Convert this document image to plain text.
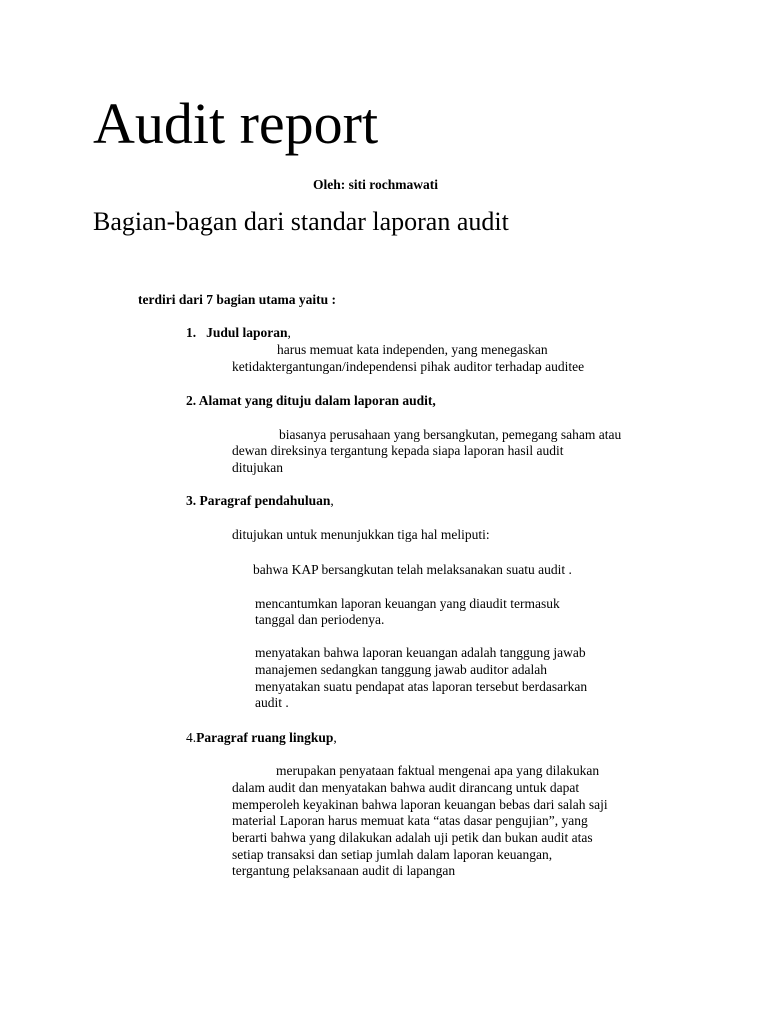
Audit report
Oleh: siti rochmawati
Bagian-bagan dari standar laporan audit
terdiri dari 7 bagian utama yaitu :
1. Judul laporan,
harus memuat kata independen, yang menegaskan
ketidaktergantungan/independensi pihak auditor terhadap auditee
2. Alamat yang dituju dalam laporan audit,
biasanya perusahaan yang bersangkutan, pemegang saham atau
dewan direksinya tergantung kepada siapa laporan hasil audit
ditujukan
3. Paragraf pendahuluan,
ditujukan untuk menunjukkan tiga hal meliputi:
bahwa KAP bersangkutan telah melaksanakan suatu audit .
mencantumkan laporan keuangan yang diaudit termasuk
tanggal dan periodenya.
menyatakan bahwa laporan keuangan adalah tanggung jawab
manajemen sedangkan tanggung jawab auditor adalah
menyatakan suatu pendapat atas laporan tersebut berdasarkan
audit .
4.Paragraf ruang lingkup,
merupakan penyataan faktual mengenai apa yang dilakukan
dalam audit dan menyatakan bahwa audit dirancang untuk dapat
memperoleh keyakinan bahwa laporan keuangan bebas dari salah saji
material Laporan harus memuat kata “atas dasar pengujian”, yang
berarti bahwa yang dilakukan adalah uji petik dan bukan audit atas
setiap transaksi dan setiap jumlah dalam laporan keuangan,
tergantung pelaksanaan audit di lapangan
